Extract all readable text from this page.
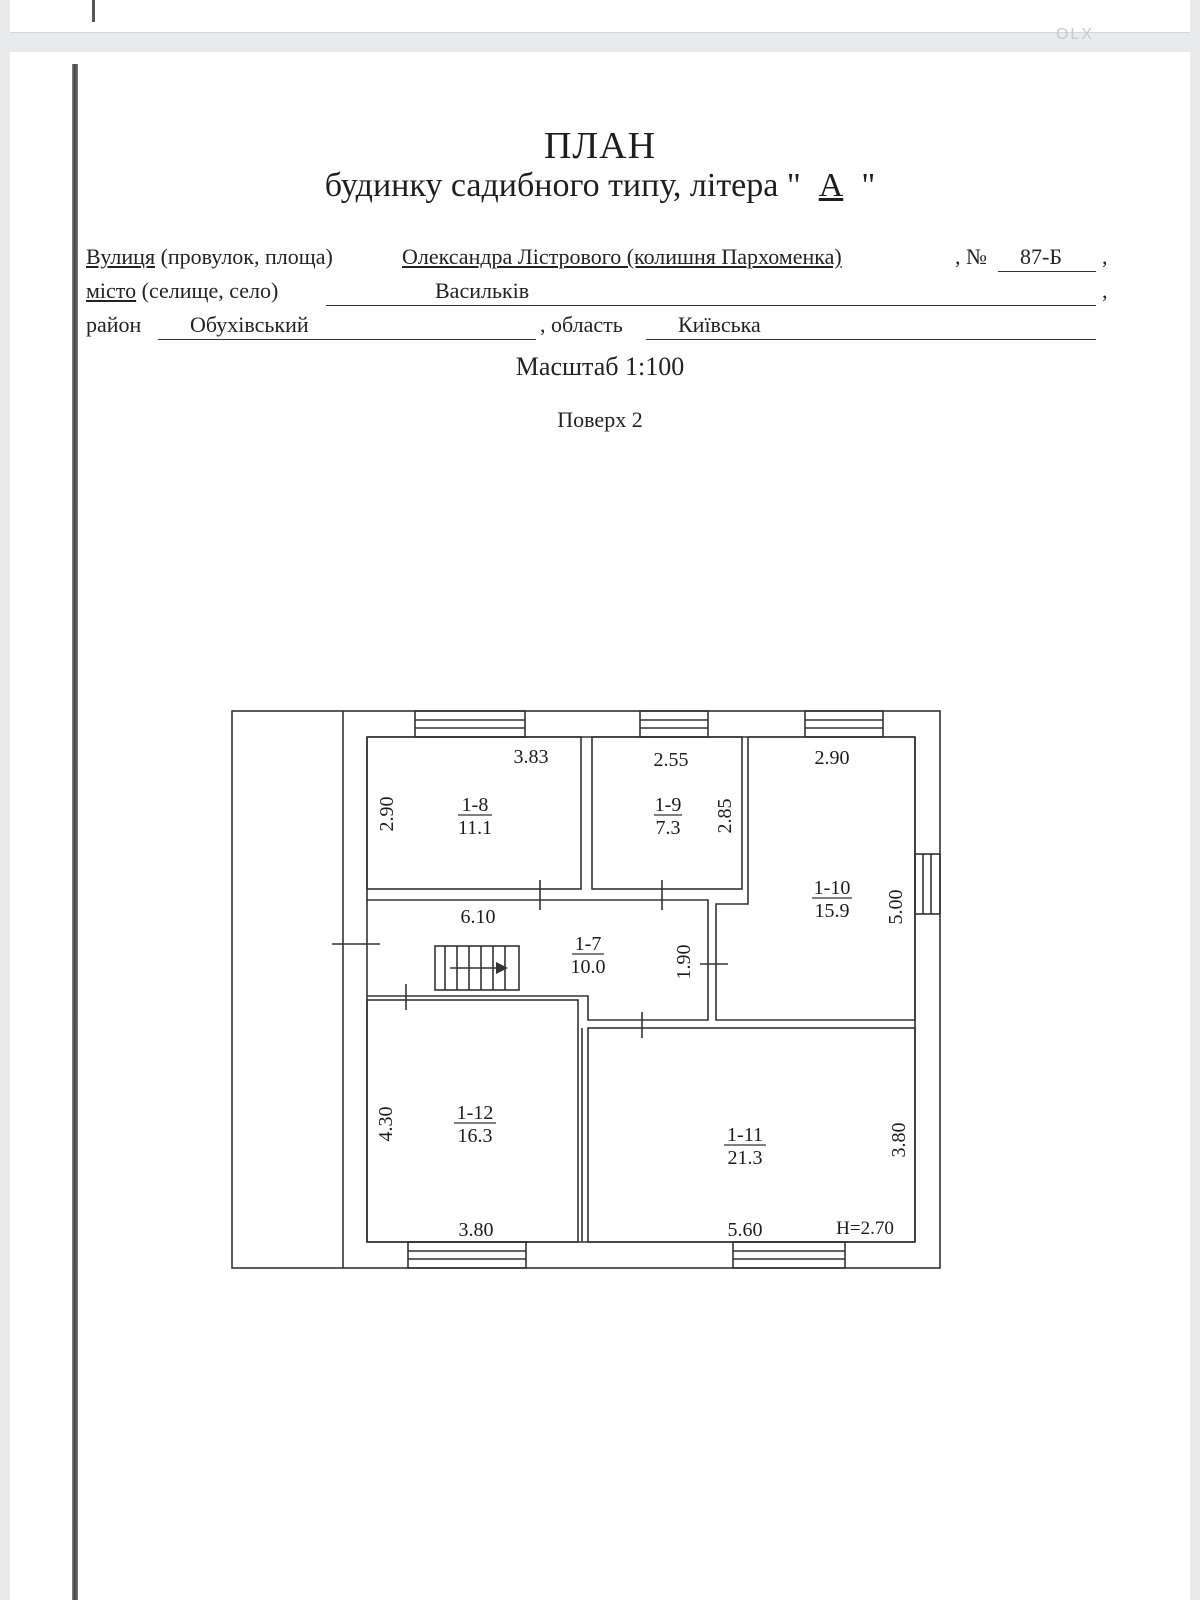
OLX
ПЛАН
будинку садибного типу, літера " А "
Вулиця (провулок, площа)	Олександра Лістрового (колишня Пархоменка)	, № 87-Б ,
місто (селище, село)	Васильків	,
район Обухівський	, область	Київська
Масштаб 1:100
Поверх 2
1-8
11.1
1-9
7.3
1-10
15.9
1-7
10.0
1-12
16.3	1-11
21.3
3.83
2.90
2.55
2.85
2.90
5.00
6.10
1.90
4.30
3.80	5.60
3.80
Н=2.70
